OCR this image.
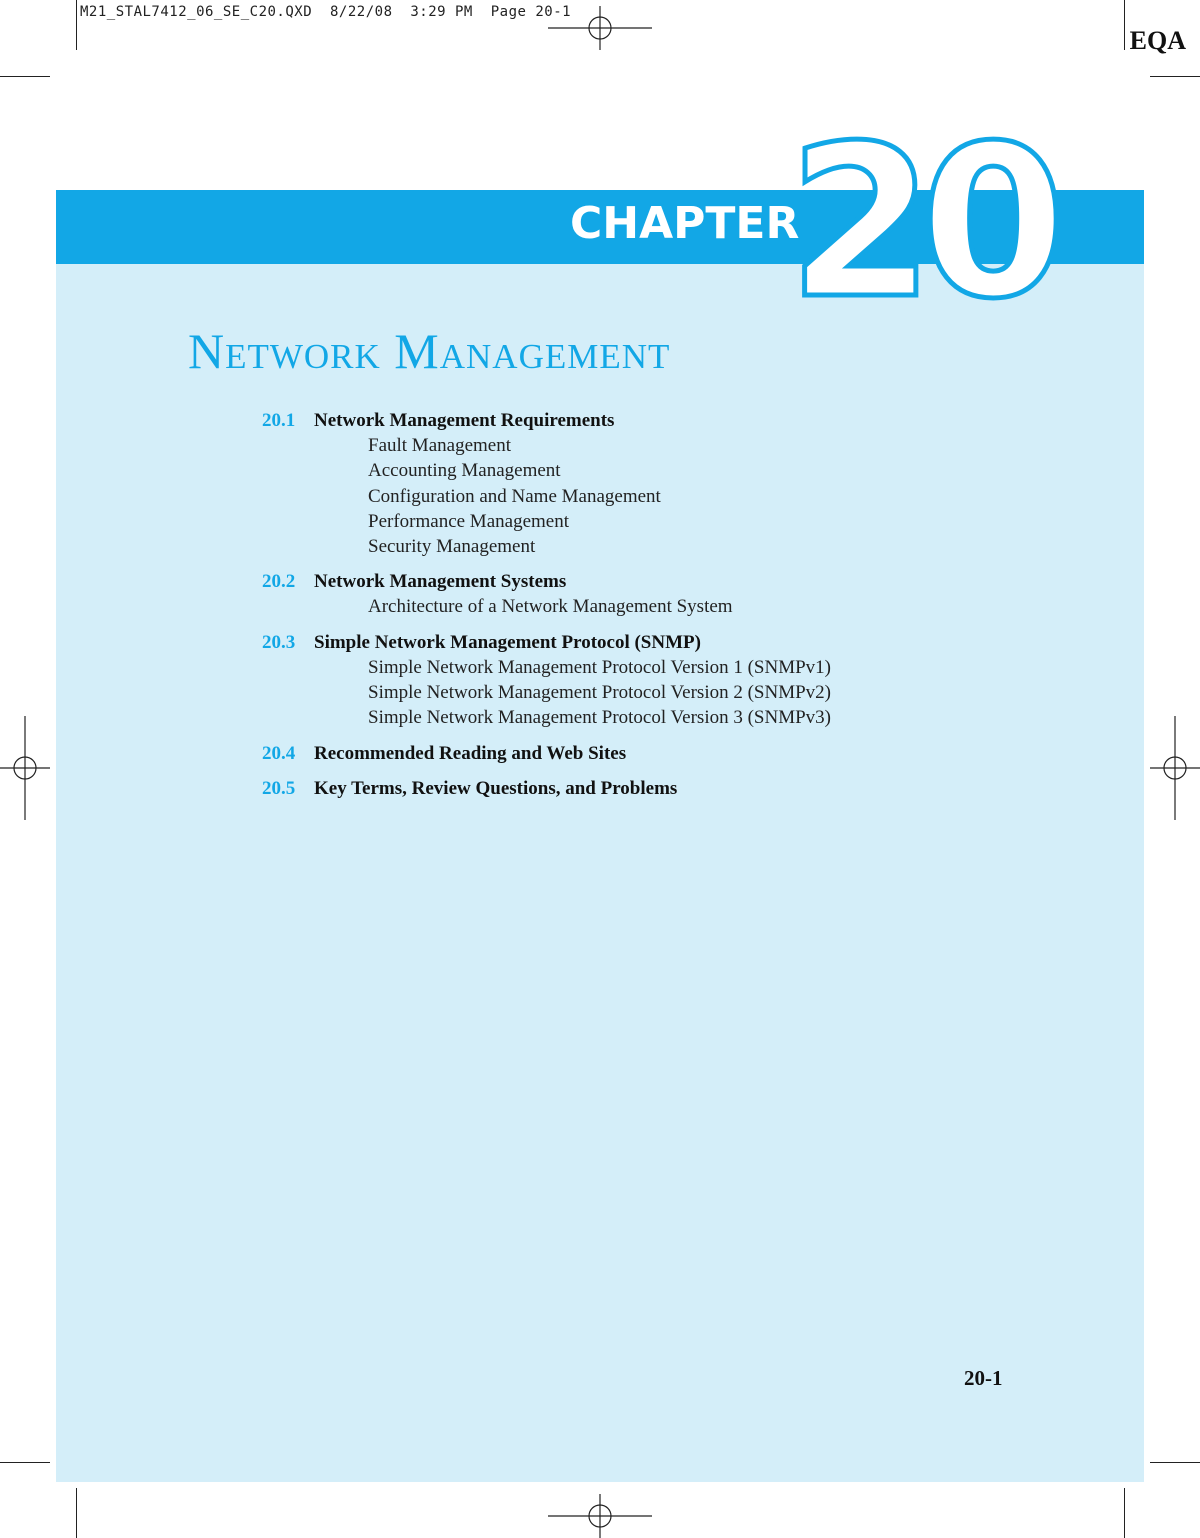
M21_STAL7412_06_SE_C20.QXD  8/22/08  3:29 PM  Page 20-1
EQA
CHAPTER
20
Network Management
20.1 Network Management Requirements
Fault Management
Accounting Management
Configuration and Name Management
Performance Management
Security Management
20.2 Network Management Systems
Architecture of a Network Management System
20.3 Simple Network Management Protocol (SNMP)
Simple Network Management Protocol Version 1 (SNMPv1)
Simple Network Management Protocol Version 2 (SNMPv2)
Simple Network Management Protocol Version 3 (SNMPv3)
20.4 Recommended Reading and Web Sites
20.5 Key Terms, Review Questions, and Problems
20-1
